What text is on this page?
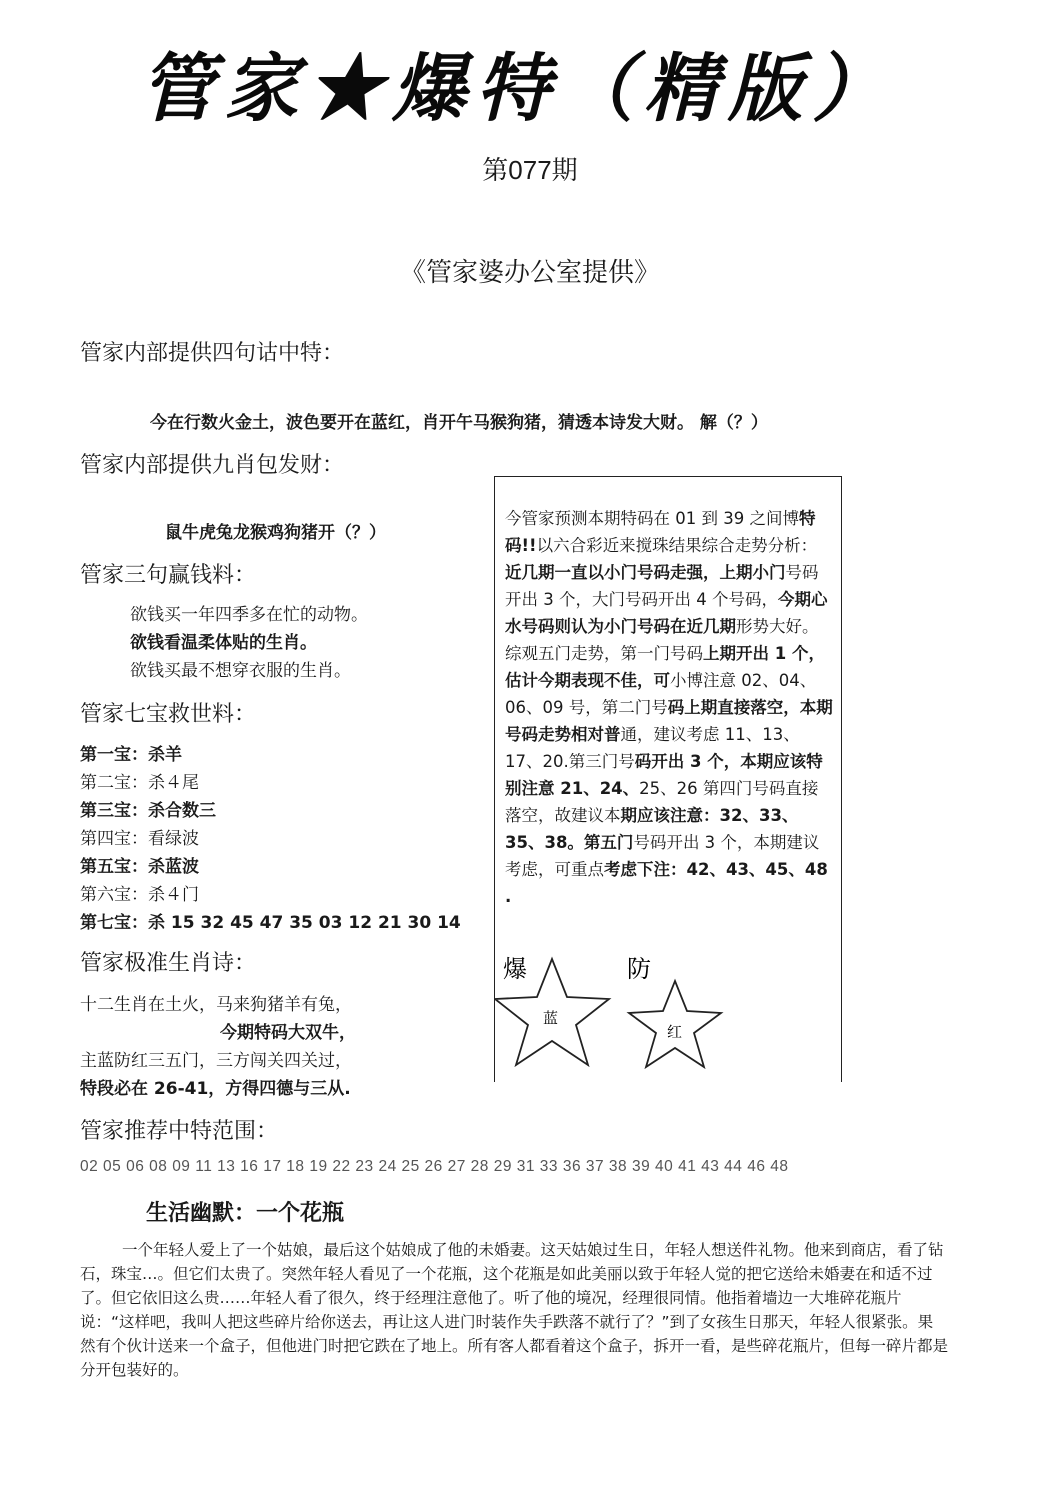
管家★爆特（精版）
第077期
《管家婆办公室提供》
管家内部提供四句诂中特：
今在行数火金土，波色要开在蓝红，肖开午马猴狗猪，猜透本诗发大财。 解（？）
管家内部提供九肖包发财：
鼠牛虎兔龙猴鸡狗猪开（？）
管家三句赢钱料：
欲钱买一年四季多在忙的动物。
欲钱看温柔体贴的生肖。
欲钱买最不想穿衣服的生肖。
管家七宝救世料：
第一宝：杀羊
第二宝：杀４尾
第三宝：杀合数三
第四宝：看绿波
第五宝：杀蓝波
第六宝：杀４门
第七宝：杀 15 32 45 47 35 03 12 21 30 14
管家极准生肖诗：
十二生肖在土火，马来狗猪羊有兔，
今期特码大双牛，
主蓝防红三五门，三方闯关四关过，
特段必在 26-41，方得四德与三从.

今管家预测本期特码在 01 到 39 之间博特码!!以六合彩近来搅珠结果综合走势分析：近几期一直以小门号码走强，上期小门号码开出 3 个，大门号码开出 4 个号码，今期心水号码则认为小门号码在近几期形势大好。综观五门走势，第一门号码上期开出 1 个，估计今期表现不佳，可小博注意 02、04、06、09 号，第二门号码上期直接落空，本期号码走势相对普通，建议考虑 11、13、17、20.第三门号码开出 3 个，本期应该特别注意 21、24、25、26 第四门号码直接落空，故建议本期应该注意：32、33、35、38。第五门号码开出 3 个，本期建议考虑，可重点考虑下注：42、43、45、48 .

爆	防
蓝
红
管家推荐中特范围：
02 05 06 08 09 11 13 16 17 18 19 22 23 24 25 26 27 28 29 31 33 36 37 38 39 40 41 43 44 46 48
生活幽默：一个花瓶

一个年轻人爱上了一个姑娘，最后这个姑娘成了他的未婚妻。这天姑娘过生日，年轻人想送件礼物。他来到商店，看了钻石，珠宝…。但它们太贵了。突然年轻人看见了一个花瓶，这个花瓶是如此美丽以致于年轻人觉的把它送给未婚妻在和适不过了。但它依旧这么贵……年轻人看了很久，终于经理注意他了。听了他的境况，经理很同情。他指着墙边一大堆碎花瓶片说：“这样吧，我叫人把这些碎片给你送去，再让这人进门时装作失手跌落不就行了？”到了女孩生日那天，年轻人很紧张。果然有个伙计送来一个盒子，但他进门时把它跌在了地上。所有客人都看着这个盒子，拆开一看，是些碎花瓶片，但每一碎片都是分开包装好的。
